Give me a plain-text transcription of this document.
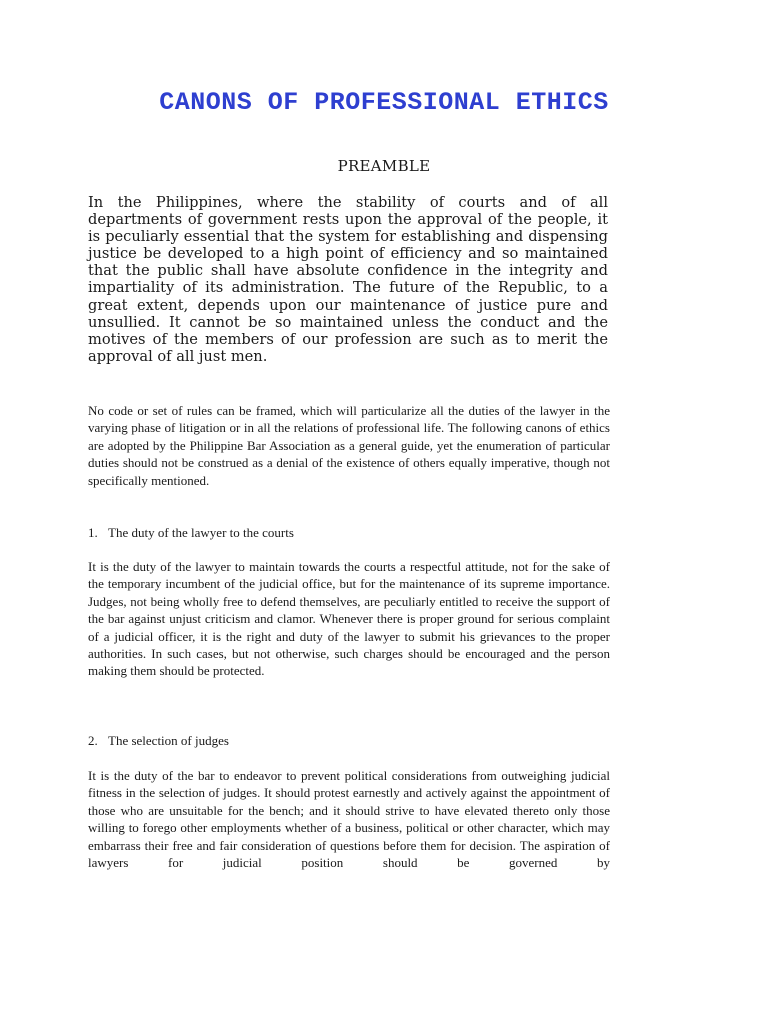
CANONS OF PROFESSIONAL ETHICS
PREAMBLE

In the Philippines, where the stability of courts and of all departments of government rests upon the approval of the people, it is peculiarly essential that the system for establishing and dispensing justice be developed to a high point of efficiency and so maintained that the public shall have absolute confidence in the integrity and impartiality of its administration. The future of the Republic, to a great extent, depends upon our maintenance of justice pure and unsullied. It cannot be so maintained unless the conduct and the motives of the members of our profession are such as to merit the approval of all just men.

No code or set of rules can be framed, which will particularize all the duties of the lawyer in the varying phase of litigation or in all the relations of professional life. The following canons of ethics are adopted by the Philippine Bar Association as a general guide, yet the enumeration of particular duties should not be construed as a denial of the existence of others equally imperative, though not specifically mentioned.

1. The duty of the lawyer to the courts

It is the duty of the lawyer to maintain towards the courts a respectful attitude, not for the sake of the temporary incumbent of the judicial office, but for the maintenance of its supreme importance. Judges, not being wholly free to defend themselves, are peculiarly entitled to receive the support of the bar against unjust criticism and clamor. Whenever there is proper ground for serious complaint of a judicial officer, it is the right and duty of the lawyer to submit his grievances to the proper authorities. In such cases, but not otherwise, such charges should be encouraged and the person making them should be protected.

2. The selection of judges

It is the duty of the bar to endeavor to prevent political considerations from outweighing judicial fitness in the selection of judges. It should protest earnestly and actively against the appointment of those who are unsuitable for the bench; and it should strive to have elevated thereto only those willing to forego other employments whether of a business, political or other character, which may embarrass their free and fair consideration of questions before them for decision. The aspiration of lawyers for judicial position should be governed by
